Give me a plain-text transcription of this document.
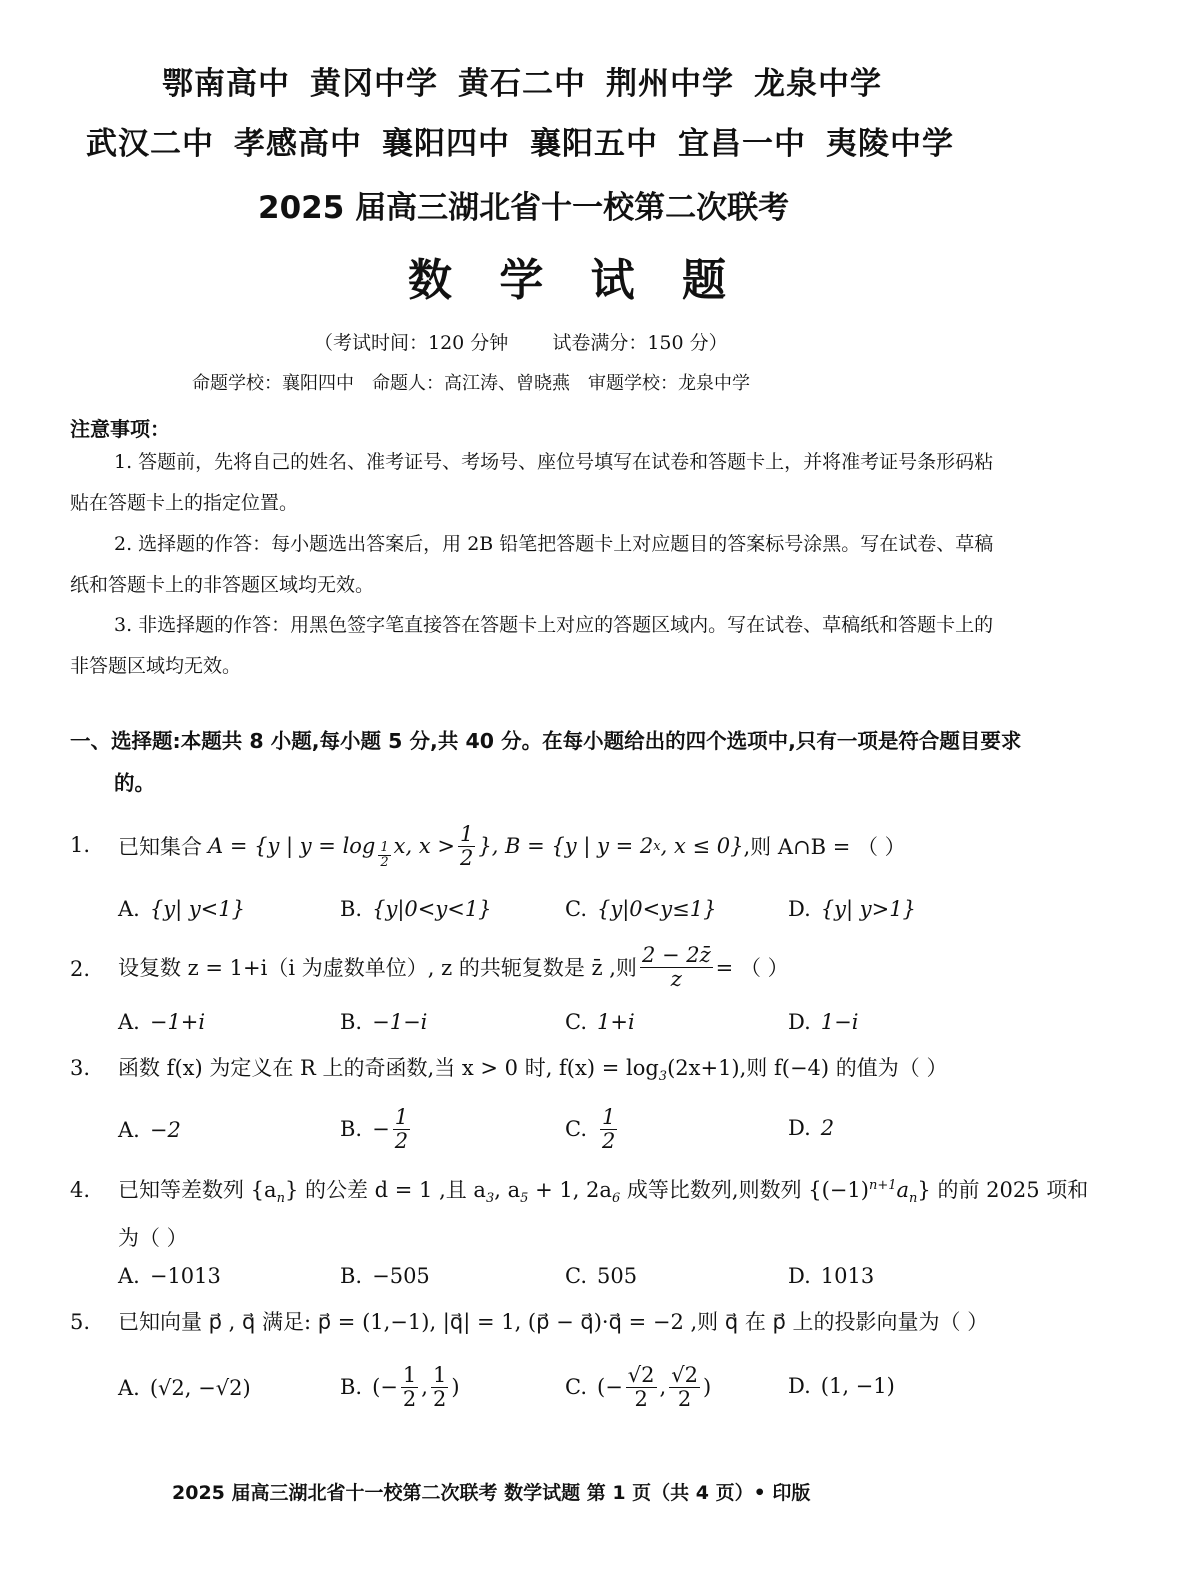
鄂南高中 黄冈中学 黄石二中 荆州中学 龙泉中学
武汉二中 孝感高中 襄阳四中 襄阳五中 宜昌一中 夷陵中学
2025 届高三湖北省十一校第二次联考
数 学 试 题
（考试时间：120 分钟 试卷满分：150 分）
命题学校：襄阳四中　命题人：高江涛、曾晓燕　审题学校：龙泉中学
注意事项：
1. 答题前，先将自己的姓名、准考证号、考场号、座位号填写在试卷和答题卡上，并将准考证号条形码粘贴在答题卡上的指定位置。
2. 选择题的作答：每小题选出答案后，用 2B 铅笔把答题卡上对应题目的答案标号涂黑。写在试卷、草稿纸和答题卡上的非答题区域均无效。
3. 非选择题的作答：用黑色签字笔直接答在答题卡上对应的答题区域内。写在试卷、草稿纸和答题卡上的非答题区域均无效。
一、选择题:本题共 8 小题,每小题 5 分,共 40 分。在每小题给出的四个选项中,只有一项是符合题目要求的。
1. 已知集合 A = {y | $y = \log \frac{1}{2} x$, $x > \frac{1}{2}$ }, B = {y | y = 2 x , x ≤ 0} ,则 A∩B = （ ）
A. {y| y<1}	B. {y|0<y<1}	C. {y|0<y≤1}	D. {y| y>1}
2. 设复数 z = 1+i（i 为虚数单位）, z 的共轭复数是 z̄ ,则 $\frac{2 - 2z̄}{z}$ = （ ）
A. −1+i	B. −1−i	C. 1+i	D. 1−i
3. 函数 f(x) 为定义在 R 上的奇函数,当 x > 0 时, $f(x) = \log_3(2x+1)$,则 f(−4) 的值为（ ）
A. −2	B. − $\frac{1}{2}$	C. $\frac{1}{2}$	D. 2
4. 已知等差数列 $\{a_n\}$ 的公差 d = 1 ,且 $a_3$, $a_5 + 1$, $2a_6$ 成等比数列,则数列 $\{(-1)^{n+1}a_n\}$ 的前 2025 项和
为（ ）
A. −1013	B. −505	C. 505	D. 1013
5. 已知向量 p⃗ , q⃗ 满足: p⃗ = (1,−1), |q⃗| = 1, (p⃗ − q⃗)·q⃗ = −2 ,则 q⃗ 在 p⃗ 上的投影向量为（ ）
A. (√2, −√2)	B. (− $\frac{1}{2}$ , $\frac{1}{2}$ )	C. (− $\frac{√2}{2}$ , $\frac{√2}{2}$ )	D. (1, −1)
2025 届高三湖北省十一校第二次联考 数学试题 第 1 页（共 4 页）• 印版
